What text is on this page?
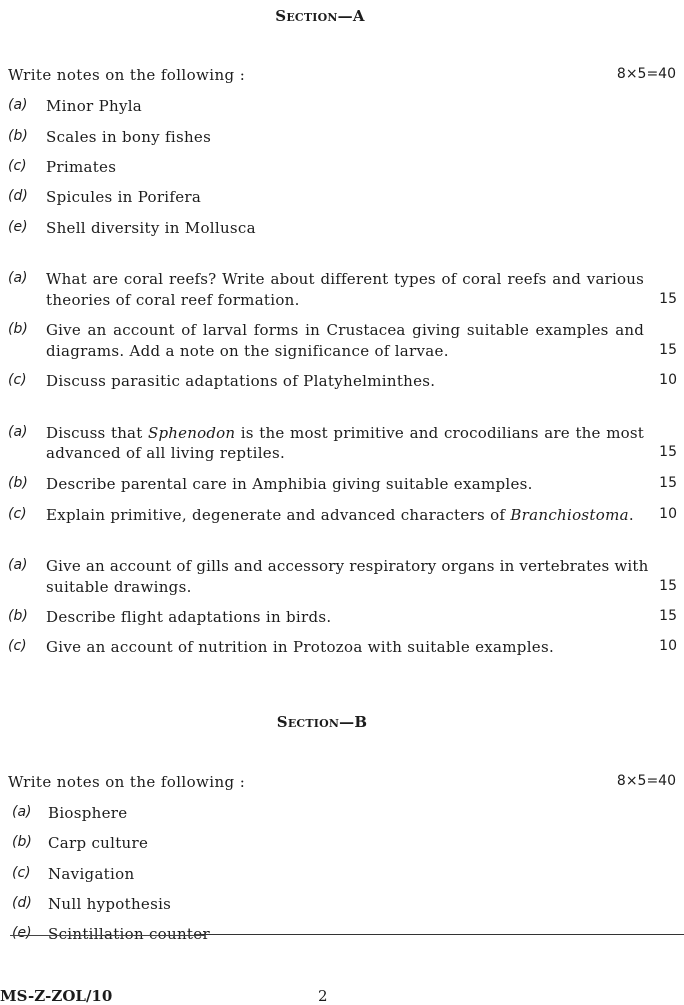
Section—A
Write notes on the following :	8×5=40
(a) Minor Phyla
(b) Scales in bony fishes
(c) Primates
(d) Spicules in Porifera
(e) Shell diversity in Mollusca
(a) What are coral reefs? Write about different types of coral reefs and various
theories of coral reef formation.	15
(b) Give an account of larval forms in Crustacea giving suitable examples and
diagrams. Add a note on the significance of larvae.	15
(c) Discuss parasitic adaptations of Platyhelminthes.	10
(a) Discuss that Sphenodon is the most primitive and crocodilians are the most
advanced of all living reptiles.	15
(b) Describe parental care in Amphibia giving suitable examples.	15
(c) Explain primitive, degenerate and advanced characters of Branchiostoma. 10
(a) Give an account of gills and accessory respiratory organs in vertebrates with
suitable drawings.	15
(b) Describe flight adaptations in birds.	15
(c) Give an account of nutrition in Protozoa with suitable examples.	10
Section—B
Write notes on the following :	8×5=40
(a) Biosphere
(b) Carp culture
(c) Navigation
(d) Null hypothesis
(e) Scintillation counter
MS-Z-ZOL/10	2
